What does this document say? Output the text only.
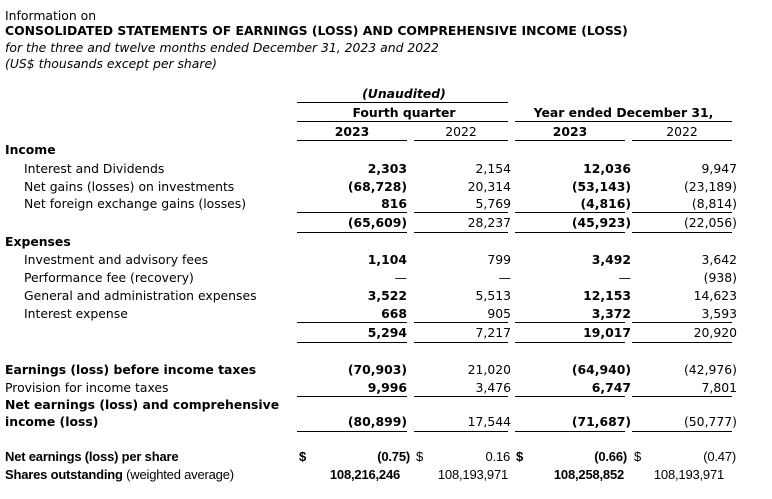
Information on
CONSOLIDATED STATEMENTS OF EARNINGS (LOSS) AND COMPREHENSIVE INCOME (LOSS)
for the three and twelve months ended December 31, 2023 and 2022
(US$ thousands except per share)
(Unaudited)
Fourth quarter	Year ended December 31,
2023	2022	2023	2022
Income
Interest and Dividends	2,303	2,154	12,036	9,947
Net gains (losses) on investments	(68,728)	20,314	(53,143)	(23,189)
Net foreign exchange gains (losses)	816	5,769	(4,816)	(8,814)
(65,609)	28,237	(45,923)	(22,056)
Expenses
Investment and advisory fees	1,104	799	3,492	3,642
Performance fee (recovery)	—	—	—	(938)
General and administration expenses	3,522	5,513	12,153	14,623
Interest expense	668	905	3,372	3,593
5,294	7,217	19,017	20,920
Earnings (loss) before income taxes	(70,903)	21,020	(64,940)	(42,976)
Provision for income taxes	9,996	3,476	6,747	7,801
Net earnings (loss) and comprehensive
income (loss)	(80,899)	17,544	(71,687)	(50,777)
Net earnings (loss) per share	$	(0.75) $	0.16 $	(0.66) $	(0.47)
Shares outstanding (weighted average)	108,216,246	108,193,971	108,258,852	108,193,971
